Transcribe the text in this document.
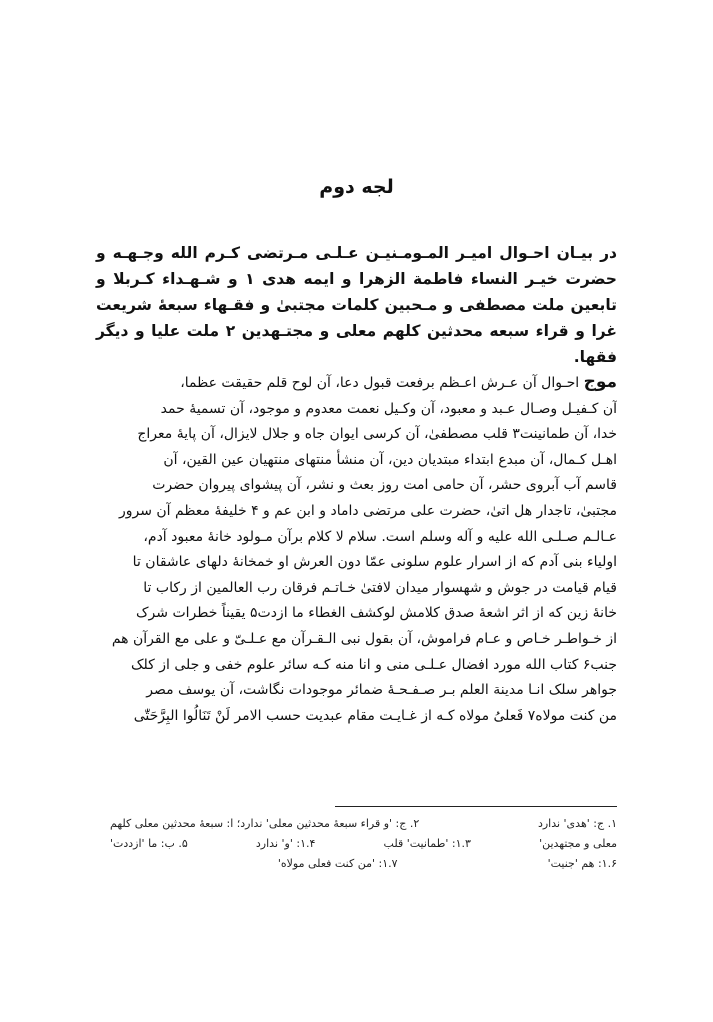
لجه دوم
در بیـان احـوال امیـر المـومـنیـن عـلـی مـرتضی کـرم الله وجـهـه و حضرت خیـر النساء فاطمة الزهرا و ایمه هدی ۱ و شـهـداء کـربلا و تابعین ملت مصطفی و مـحبین کلمات مجتبیٰ و فقـهاء سبعهٔ شریعت غرا و قراء سبعه محدثین کلهم معلی و مجتـهدین ۲ ملت علیا و دیگر فقها.
موج احـوال آن عـرش اعـظم برفعت قبول دعا، آن لوح قلم حقیقت عظما،
آن کـفیـل وصـال عـبد و معبود، آن وکـیل نعمت معدوم و موجود، آن تسمیهٔ حمد
خدا، آن طمانینت۳ قلب مصطفیٰ، آن کرسی ایوان جاه و جلال لایزال، آن پایهٔ معراج
اهـل کـمال، آن مبدع ابتداء مبتدیان دین، آن منشأ منتهای منتهیان عین القین، آن
قاسم آب آبروی حشر، آن حامی امت روز بعث و نشر، آن پیشوای پیروان حضرت
مجتبیٰ، تاجدار هل اتیٰ، حضرت علی مرتضی داماد و ابن عم و ۴ خلیفهٔ معظم آن سرور
عـالـم صـلـی الله علیه و آله وسلم است. سلام لا کلام برآن مـولود خانهٔ معبود آدم،
اولیاء بنی آدم که از اسرار علوم سلونی عمّا دون العرش او خمخانهٔ دلهای عاشقان تا
قیام قیامت در جوش و شهسوار میدان لافتیٰ خـاتـم فرقان رب العالمین از رکاب تا
خانهٔ زین که از اثر اشعهٔ صدق کلامش لوکشف الغطاء ما ازدت۵ یقیناً خطرات شرک
از خـواطـر خـاص و عـام فراموش، آن بقول نبی الـقـرآن مع عـلـیّ و علی مع القرآن هم
جنب۶ کتاب الله مورد افضال عـلـی منی و انا منه کـه سائر علوم خفی و جلی از کلک
جواهر سلک انـا مدینة العلم بـر صـفـحـهٔ ضمائر موجودات نگاشت، آن یوسف مصر
من کنت مولاه۷ فَعلیُ مولاه کـه از غـایـت مقام عبدیت حسب الامر لَنْ تَنَالُوا البِرَّحَتّٰی
۱. ج: 'هدی' ندارد
۲. ج: 'و قراء سبعهٔ محدثین معلی' ندارد؛ ا: سبعهٔ محدثین معلی کلهم
معلی و مجتهدین'
۱.۳: 'طمانیت' قلب
۱.۴: 'و' ندارد
۵. ب: ما 'ازددت'
۱.۶: هم 'جنیت'
۱.۷: 'من کنت فعلی مولاه'
